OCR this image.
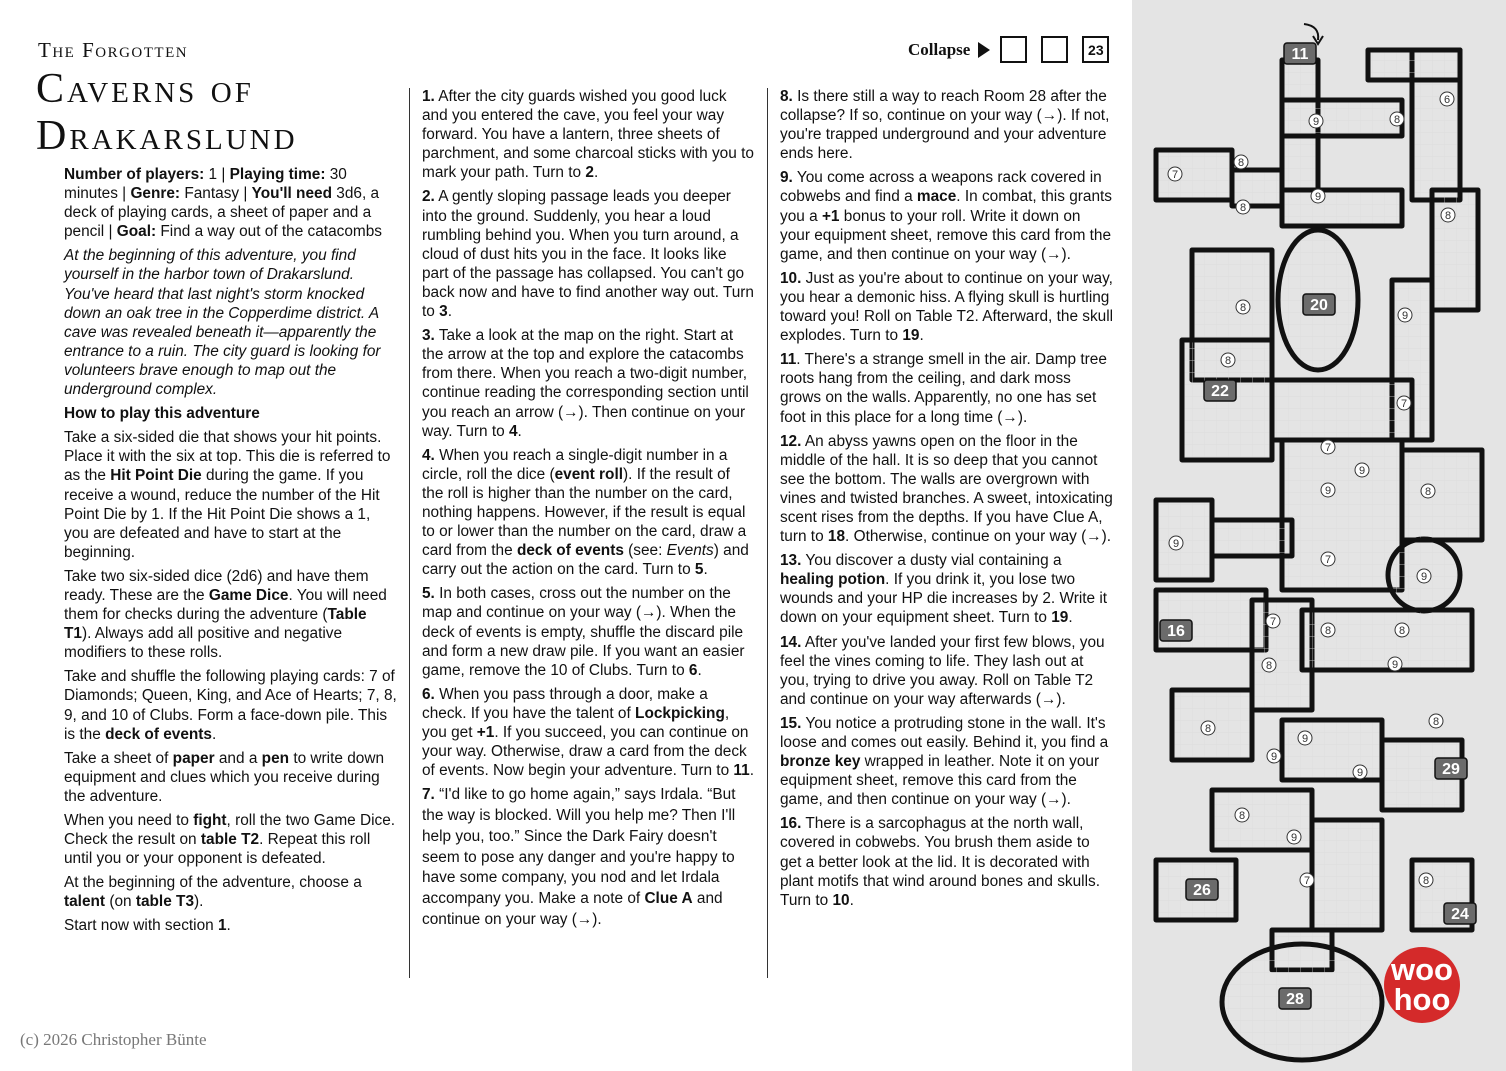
The Forgotten
Caverns of
Drakarslund
Collapse	23

Number of players: 1 | Playing time: 30 minutes | Genre: Fantasy | You'll need 3d6, a deck of playing cards, a sheet of paper and a pencil | Goal: Find a way out of the catacombs

At the beginning of this adventure, you find yourself in the harbor town of Drakarslund. You've heard that last night's storm knocked down an oak tree in the Copperdime district. A cave was revealed beneath it—apparently the entrance to a ruin. The city guard is looking for volunteers brave enough to map out the underground complex.

How to play this adventure

Take a six-sided die that shows your hit points. Place it with the six at top. This die is referred to as the Hit Point Die during the game. If you receive a wound, reduce the number of the Hit Point Die by 1. If the Hit Point Die shows a 1, you are defeated and have to start at the beginning.

Take two six-sided dice (2d6) and have them ready. These are the Game Dice. You will need them for checks during the adventure (Table T1). Always add all positive and negative modifiers to these rolls.

Take and shuffle the following playing cards: 7 of Diamonds; Queen, King, and Ace of Hearts; 7, 8, 9, and 10 of Clubs. Form a face-down pile. This is the deck of events.

Take a sheet of paper and a pen to write down equipment and clues which you receive during the adventure.

When you need to fight, roll the two Game Dice. Check the result on table T2. Repeat this roll until you or your opponent is defeated.

At the beginning of the adventure, choose a talent (on table T3).

Start now with section 1.

1. After the city guards wished you good luck and you entered the cave, you feel your way forward. You have a lantern, three sheets of parchment, and some charcoal sticks with you to mark your path. Turn to 2.

2. A gently sloping passage leads you deeper into the ground. Suddenly, you hear a loud rumbling behind you. When you turn around, a cloud of dust hits you in the face. It looks like part of the passage has collapsed. You can't go back now and have to find another way out. Turn to 3.

3. Take a look at the map on the right. Start at the arrow at the top and explore the catacombs from there. When you reach a two-digit number, continue reading the corresponding section until you reach an arrow (→). Then continue on your way. Turn to 4.

4. When you reach a single-digit number in a circle, roll the dice (event roll). If the result of the roll is higher than the number on the card, nothing happens. However, if the result is equal to or lower than the number on the card, draw a card from the deck of events (see: Events) and carry out the action on the card. Turn to 5.

5. In both cases, cross out the number on the map and continue on your way (→). When the deck of events is empty, shuffle the discard pile and form a new draw pile. If you want an easier game, remove the 10 of Clubs. Turn to 6.

6. When you pass through a door, make a check. If you have the talent of Lockpicking, you get +1. If you succeed, you can continue on your way. Otherwise, draw a card from the deck of events. Now begin your adventure. Turn to 11.

7. “I'd like to go home again,” says Irdala. “But the way is blocked. Will you help me? Then I'll help you, too.” Since the Dark Fairy doesn't seem to pose any danger and you're happy to have some company, you nod and let Irdala accompany you. Make a note of Clue A and continue on your way (→).

8. Is there still a way to reach Room 28 after the collapse? If so, continue on your way (→). If not, you're trapped underground and your adventure ends here.

9. You come across a weapons rack covered in cobwebs and find a mace. In combat, this grants you a +1 bonus to your roll. Write it down on your equipment sheet, remove this card from the game, and then continue on your way (→).

10. Just as you're about to continue on your way, you hear a demonic hiss. A flying skull is hurtling toward you! Roll on Table T2. Afterward, the skull explodes. Turn to 19.

11. There's a strange smell in the air. Damp tree roots hang from the ceiling, and dark moss grows on the walls. Apparently, no one has set foot in this place for a long time (→).

12. An abyss yawns open on the floor in the middle of the hall. It is so deep that you cannot see the bottom. The walls are overgrown with vines and twisted branches. A sweet, intoxicating scent rises from the depths. If you have Clue A, turn to 18. Otherwise, continue on your way (→).

13. You discover a dusty vial containing a healing potion. If you drink it, you lose two wounds and your HP die increases by 2. Write it down on your equipment sheet. Turn to 19.

14. After you've landed your first few blows, you feel the vines coming to life. They lash out at you, trying to drive you away. Roll on Table T2 and continue on your way afterwards (→).

15. You notice a protruding stone in the wall. It's loose and comes out easily. Behind it, you find a bronze key wrapped in leather. Note it on your equipment sheet, remove this card from the game, and then continue on your way (→).

16. There is a sarcophagus at the north wall, covered in cobwebs. You brush them aside to get a better look at the lid. It is decorated with plant motifs that wind around bones and skulls. Turn to 10.

(c) 2026 Christopher Bünte
11
20
22
16
29
26
24
28
6
9	8
7
8
9
8
8
9
8
8
7
7
9	8
9
7
9
8
7
8	9
8
9
8
9
8
9
7	8
9
8
9
woo
hoo
